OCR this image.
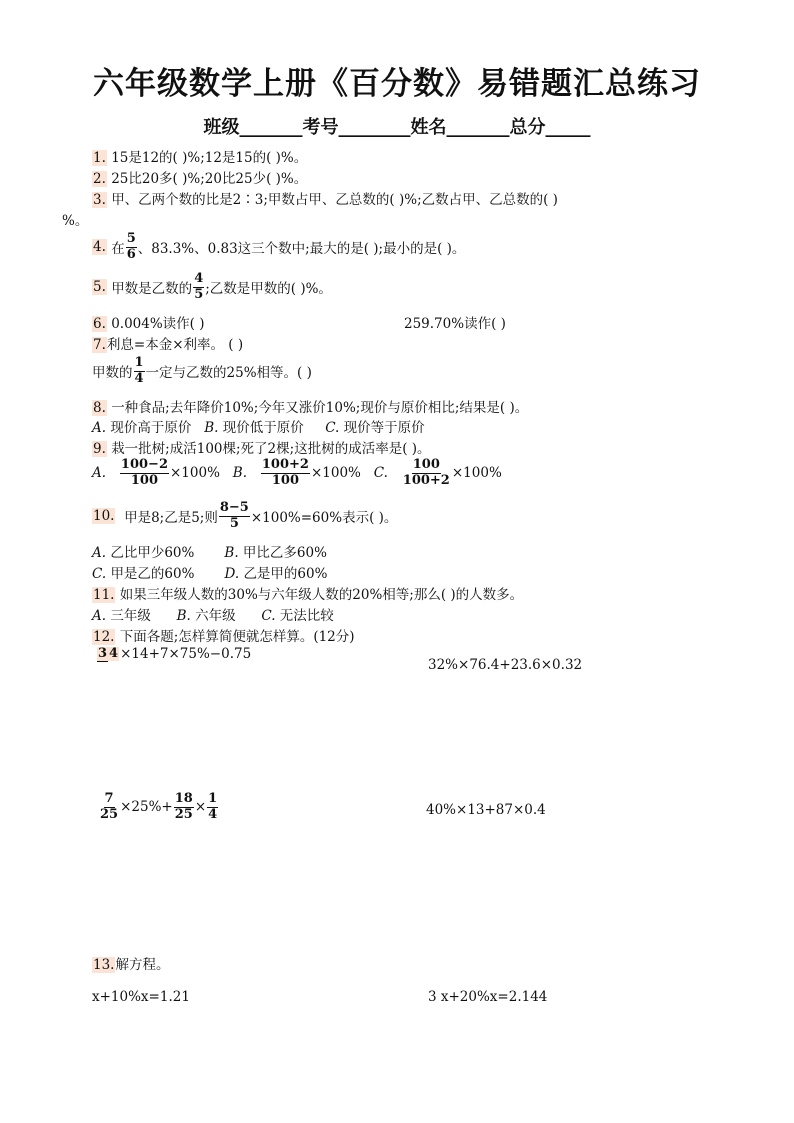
六年级数学上册《百分数》易错题汇总练习
班级_______考号________姓名_______总分_____
1. 15是12的( )%;12是15的( )%。
2. 25比20多( )%;20比25少( )%。
3. 甲、乙两个数的比是2∶3;甲数占甲、乙总数的( )%;乙数占甲、乙总数的( )
%。
4.
在 $\frac{5}{6}$ 、83.3%、0.83这三个数中;最大的是( );最小的是( )。
5.
甲数是乙数的 $\frac{4}{5}$ ;乙数是甲数的( )%。
6. 0.004%读作( )	259.70%读作( )
7.利息=本金×利率。 ( )
甲数的 $\frac{1}{4}$ 一定与乙数的25%相等。( )
8. 一种食品;去年降价10%;今年又涨价10%;现价与原价相比;结果是( )。
A. 现价高于原价 B. 现价低于原价 C. 现价等于原价
9. 栽一批树;成活100棵;死了2棵;这批树的成活率是( )。
A.
$\frac{100-2}{100} \times 100\%$
B.
$\frac{100+2}{100} \times 100\%$
C.
$\frac{100}{100+2} \times 100\%$
10.
甲是8;乙是5;则 $\frac{8-5}{5} \times 100\%=60\%$表示( )。
A. 乙比甲少60% B. 甲比乙多60%
C. 甲是乙的60% D. 乙是甲的60%
11. 如果三年级人数的30%与六年级人数的20%相等;那么( )的人数多。
A. 三年级 B. 六年级 C. 无法比较
12. 下面各题;怎样算简便就怎样算。(12分)
3 4 ×14+7×75%−0.75
32%×76.4+23.6×0.32
$\frac{7}{25} \times 25\%+ \frac{18}{25} \times \frac{1}{4}$	40%×13+87×0.4
13.解方程。
x+10%x=1.21	3 x+20%x=2.144
